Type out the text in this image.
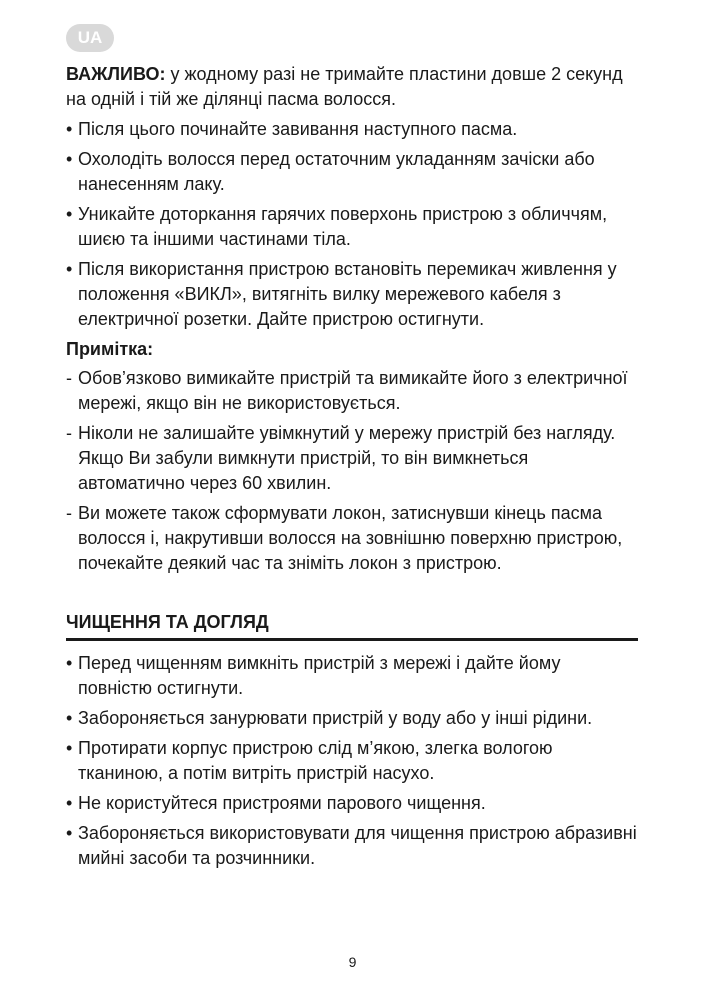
UA

ВАЖЛИВО: у жодному разі не тримайте пластини довше 2 секунд на одній і тій же ділянці пасма волосся.

• Після цього починайте завивання наступного пасма.
• Охолодіть волосся перед остаточним укладанням зачіски або нанесенням лаку.
• Уникайте доторкання гарячих поверхонь пристрою з обличчям, шиєю та іншими частинами тіла.
• Після використання пристрою встановіть перемикач живлення у положення «ВИКЛ», витягніть вилку мережевого кабеля з електричної розетки. Дайте пристрою остигнути.

Примітка:

- Обов’язково вимикайте пристрій та вимикайте його з електричної мережі, якщо він не використовується.
- Ніколи не залишайте увімкнутий у мережу пристрій без нагляду. Якщо Ви забули вимкнути пристрій, то він вимкнеться автоматично через 60 хвилин.
- Ви можете також сформувати локон, затиснувши кінець пасма волосся і, накрутивши волосся на зовнішню поверхню пристрою, почекайте деякий час та зніміть локон з пристрою.
ЧИЩЕННЯ ТА ДОГЛЯД
• Перед чищенням вимкніть пристрій з мережі і дайте йому повністю остигнути.
• Забороняється занурювати пристрій у воду або у інші рідини.
• Протирати корпус пристрою слід м’якою, злегка вологою тканиною, а потім витріть пристрій насухо.
• Не користуйтеся пристроями парового чищення.
• Забороняється використовувати для чищення пристрою абразивні мийні засоби та розчинники.
9
